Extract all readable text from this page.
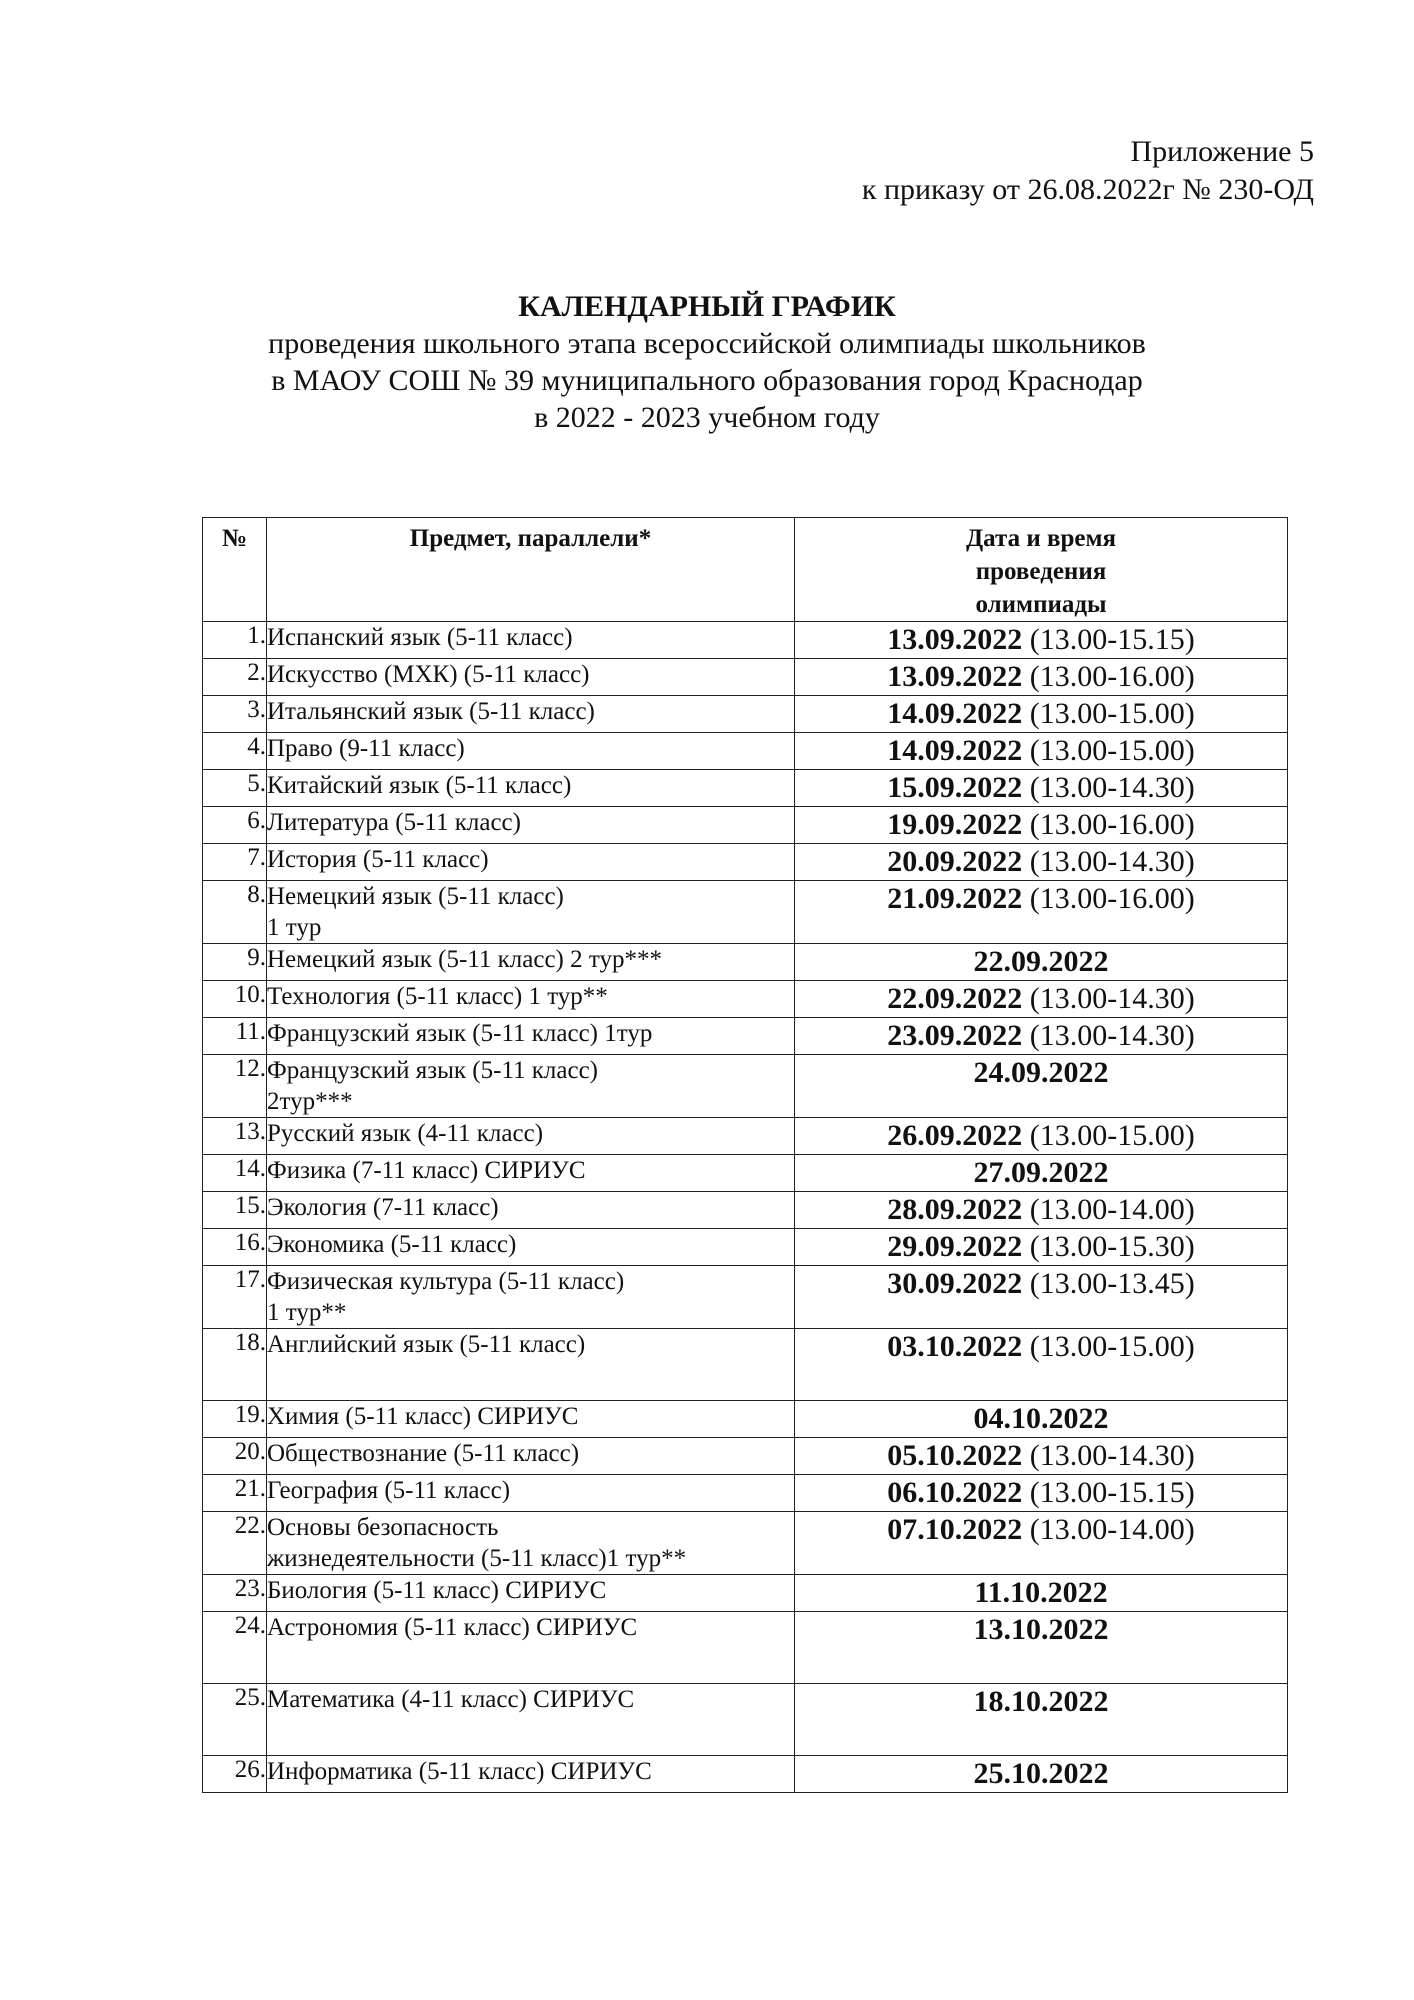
Приложение 5
к приказу от 26.08.2022г № 230-ОД
КАЛЕНДАРНЫЙ ГРАФИК
проведения школьного этапа всероссийской олимпиады школьников
в МАОУ СОШ № 39 муниципального образования город Краснодар
в 2022 - 2023 учебном году
№	Предмет, параллели*	Дата и время
проведения
олимпиады

1.	Испанский язык (5-11 класс)	13.09.2022 (13.00-15.15)
2.	Искусство (МХК) (5-11 класс)	13.09.2022 (13.00-16.00)
3.	Итальянский язык (5-11 класс)	14.09.2022 (13.00-15.00)
4.	Право (9-11 класс)	14.09.2022 (13.00-15.00)
5.	Китайский язык (5-11 класс)	15.09.2022 (13.00-14.30)
6.	Литература (5-11 класс)	19.09.2022 (13.00-16.00)
7.	История (5-11 класс)	20.09.2022 (13.00-14.30)
8.	Немецкий язык (5-11 класс)
1 тур	21.09.2022 (13.00-16.00)
9.	Немецкий язык (5-11 класс) 2 тур***	22.09.2022
10.	Технология (5-11 класс) 1 тур**	22.09.2022 (13.00-14.30)
11.	Французский язык (5-11 класс) 1тур	23.09.2022 (13.00-14.30)
12.	Французский язык (5-11 класс)
2тур***	24.09.2022
13.	Русский язык (4-11 класс)	26.09.2022 (13.00-15.00)
14.	Физика (7-11 класс) СИРИУС	27.09.2022
15.	Экология (7-11 класс)	28.09.2022 (13.00-14.00)
16.	Экономика (5-11 класс)	29.09.2022 (13.00-15.30)
17.	Физическая культура (5-11 класс)
1 тур**	30.09.2022 (13.00-13.45)
18.	Английский язык (5-11 класс)	03.10.2022 (13.00-15.00)
19.	Химия (5-11 класс) СИРИУС	04.10.2022
20.	Обществознание (5-11 класс)	05.10.2022 (13.00-14.30)
21.	География (5-11 класс)	06.10.2022 (13.00-15.15)
22.	Основы безопасность
жизнедеятельности (5-11 класс)1 тур**	07.10.2022 (13.00-14.00)
23.	Биология (5-11 класс) СИРИУС	11.10.2022
24.	Астрономия (5-11 класс) СИРИУС	13.10.2022
25.	Математика (4-11 класс) СИРИУС	18.10.2022
26.	Информатика (5-11 класс) СИРИУС	25.10.2022
